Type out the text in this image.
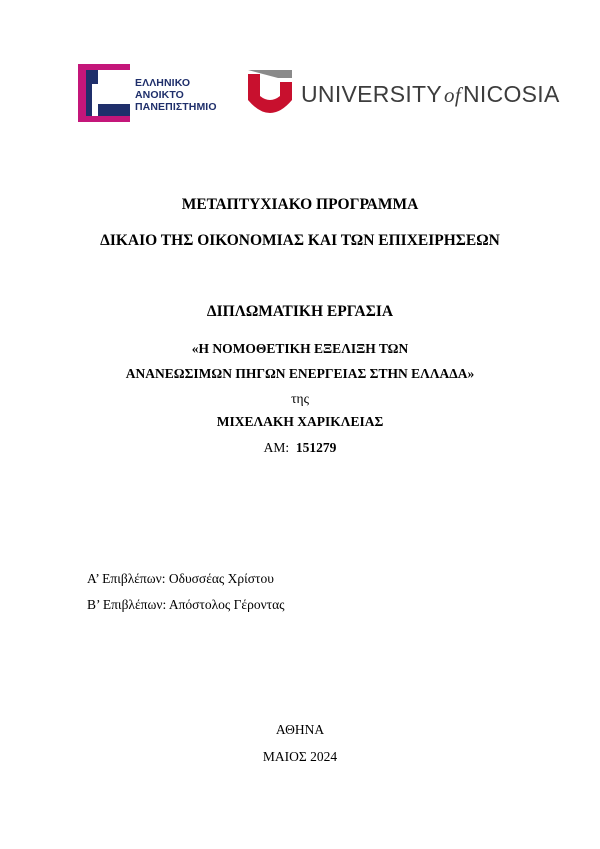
ΕΛΛΗΝΙΚΟ
ΑΝΟΙΚΤΟ
ΠΑΝΕΠΙΣΤΗΜΙΟ	UNIVERSITYofNICOSIA
ΜΕΤΑΠΤΥΧΙΑΚΟ ΠΡΟΓΡΑΜΜΑ
ΔΙΚΑΙΟ ΤΗΣ ΟΙΚΟΝΟΜΙΑΣ ΚΑΙ ΤΩΝ ΕΠΙΧΕΙΡΗΣΕΩΝ
ΔΙΠΛΩΜΑΤΙΚΗ ΕΡΓΑΣΙΑ
«Η ΝΟΜΟΘΕΤΙΚΗ ΕΞΕΛΙΞΗ ΤΩΝ
ΑΝΑΝΕΩΣΙΜΩΝ ΠΗΓΩΝ ΕΝΕΡΓΕΙΑΣ ΣΤΗΝ ΕΛΛΑΔΑ»
της
ΜΙΧΕΛΑΚΗ ΧΑΡΙΚΛΕΙΑΣ
ΑΜ: 151279
Α’ Επιβλέπων: Οδυσσέας Χρίστου
Β’ Επιβλέπων: Απόστολος Γέροντας
ΑΘΗΝΑ
ΜΑΙΟΣ 2024
